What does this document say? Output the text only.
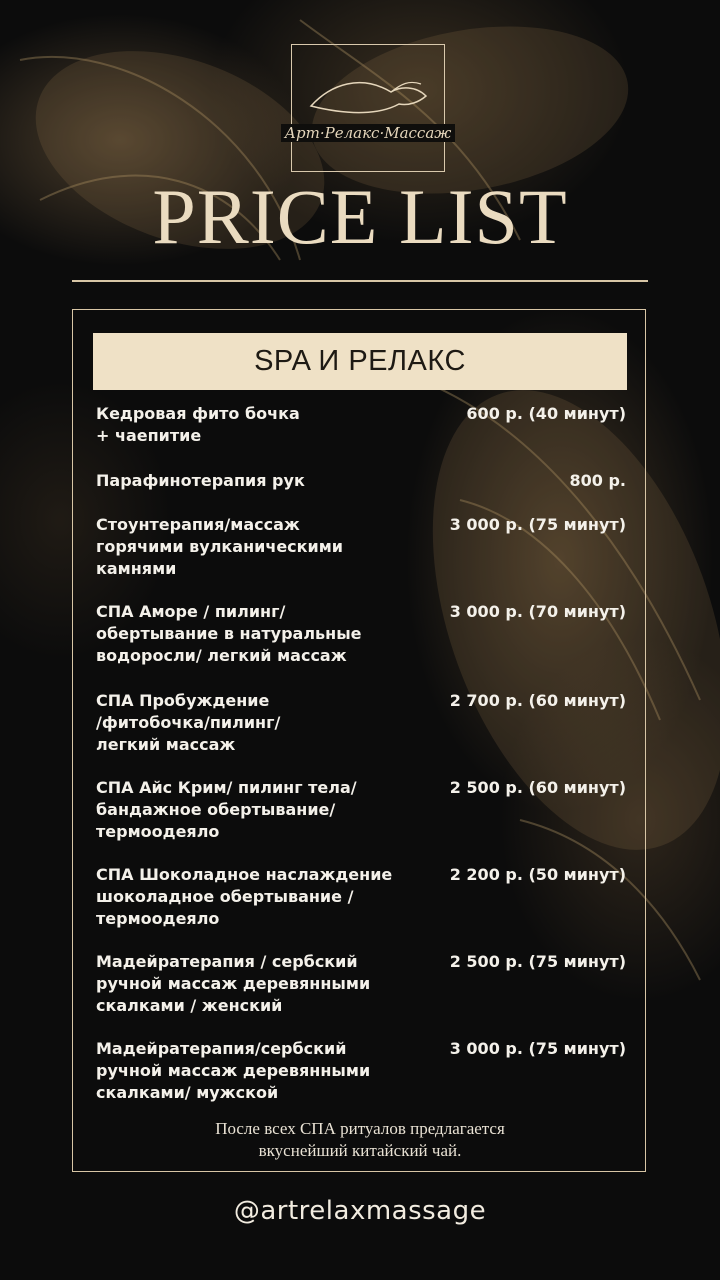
Арт·Релакс·Массаж
PRICE LIST
SPA И РЕЛАКС
Кедровая фито бочка
+ чаепитие
600 р. (40 минут)
Парафинотерапия рук	800 р.
Стоунтерапия/массаж
горячими вулканическими
камнями
3 000 р. (75 минут)
СПА Аморе / пилинг/
обертывание в натуральные
водоросли/ легкий массаж
3 000 р. (70 минут)
СПА Пробуждение
/фитобочка/пилинг/
легкий массаж
2 700 р. (60 минут)
СПА Айс Крим/ пилинг тела/
бандажное обертывание/
термоодеяло
2 500 р. (60 минут)
СПА Шоколадное наслаждение
шоколадное обертывание /
термоодеяло
2 200 р. (50 минут)
Мадейратерапия / сербский
ручной массаж деревянными
скалками / женский
2 500 р. (75 минут)
Мадейратерапия/сербский
ручной массаж деревянными
скалками/ мужской
3 000 р. (75 минут)
После всех СПА ритуалов предлагается
вкуснейший китайский чай.
@artrelaxmassage
